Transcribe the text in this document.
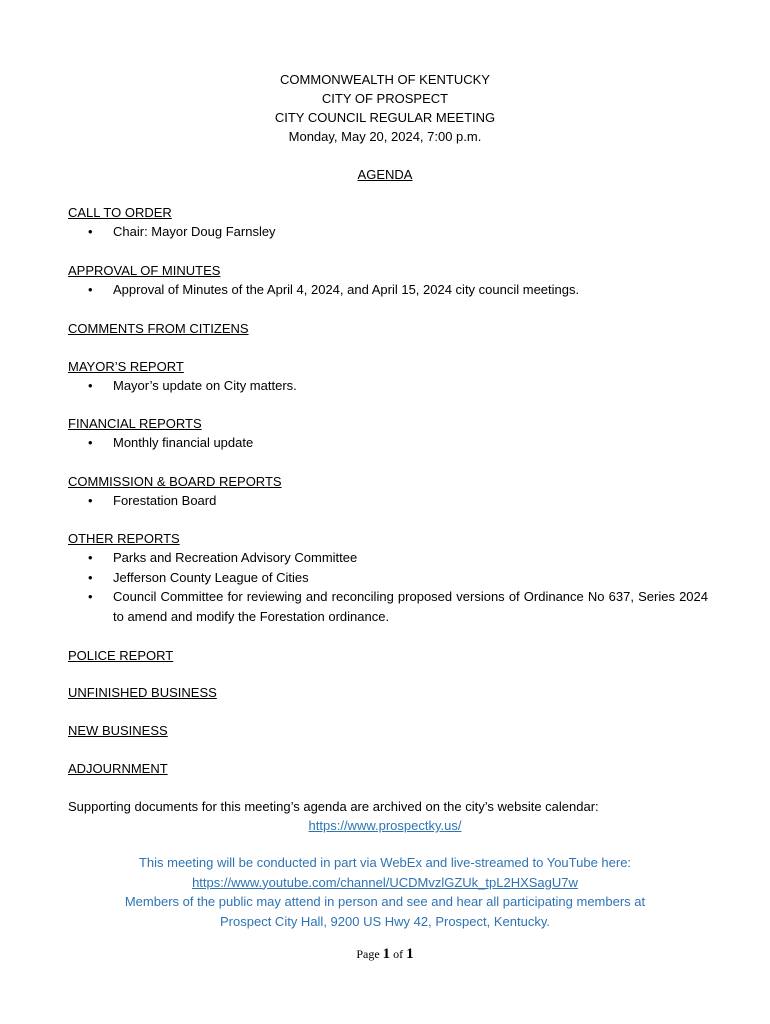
COMMONWEALTH OF KENTUCKY
CITY OF PROSPECT
CITY COUNCIL REGULAR MEETING
Monday, May 20, 2024, 7:00 p.m.
AGENDA
CALL TO ORDER
• Chair: Mayor Doug Farnsley
APPROVAL OF MINUTES
• Approval of Minutes of the April 4, 2024, and April 15, 2024 city council meetings.
COMMENTS FROM CITIZENS
MAYOR’S REPORT
• Mayor’s update on City matters.
FINANCIAL REPORTS
• Monthly financial update
COMMISSION & BOARD REPORTS
• Forestation Board
OTHER REPORTS
• Parks and Recreation Advisory Committee
• Jefferson County League of Cities
• Council Committee for reviewing and reconciling proposed versions of Ordinance No 637, Series 2024 to amend and modify the Forestation ordinance.
POLICE REPORT
UNFINISHED BUSINESS
NEW BUSINESS
ADJOURNMENT
Supporting documents for this meeting’s agenda are archived on the city’s website calendar:
https://www.prospectky.us/
This meeting will be conducted in part via WebEx and live-streamed to YouTube here:
https://www.youtube.com/channel/UCDMvzlGZUk_tpL2HXSagU7w
Members of the public may attend in person and see and hear all participating members at
Prospect City Hall, 9200 US Hwy 42, Prospect, Kentucky.
Page 1 of 1
